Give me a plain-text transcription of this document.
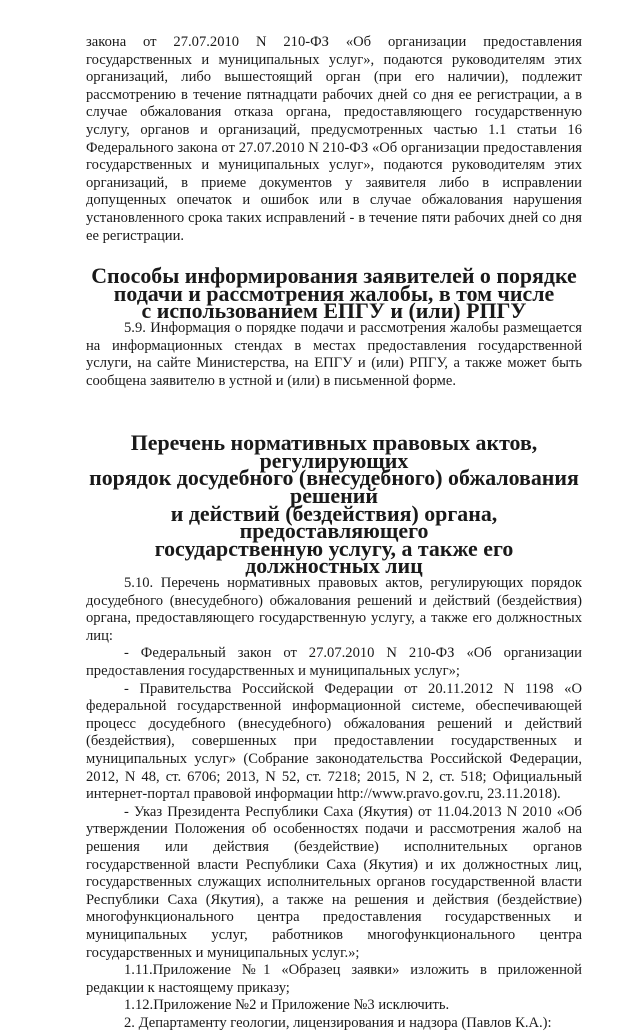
закона от 27.07.2010 N 210-ФЗ «Об организации предоставления государственных и муниципальных услуг», подаются руководителям этих организаций, либо вышестоящий орган (при его наличии), подлежит рассмотрению в течение пятнадцати рабочих дней со дня ее регистрации, а в случае обжалования отказа органа, предоставляющего государственную услугу, органов и организаций, предусмотренных частью 1.1 статьи 16 Федерального закона от 27.07.2010 N 210-ФЗ «Об организации предоставления государственных и муниципальных услуг», подаются руководителям этих организаций, в приеме документов у заявителя либо в исправлении допущенных опечаток и ошибок или в случае обжалования нарушения установленного срока таких исправлений - в течение пяти рабочих дней со дня ее регистрации.

Способы информирования заявителей о порядке
подачи и рассмотрения жалобы, в том числе
с использованием ЕПГУ и (или) РПГУ

5.9. Информация о порядке подачи и рассмотрения жалобы размещается на информационных стендах в местах предоставления государственной услуги, на сайте Министерства, на ЕПГУ и (или) РПГУ, а также может быть сообщена заявителю в устной и (или) в письменной форме.

Перечень нормативных правовых актов, регулирующих
порядок досудебного (внесудебного) обжалования решений
и действий (бездействия) органа, предоставляющего
государственную услугу, а также его должностных лиц

5.10. Перечень нормативных правовых актов, регулирующих порядок досудебного (внесудебного) обжалования решений и действий (бездействия) органа, предоставляющего государственную услугу, а также его должностных лиц:

- Федеральный закон от 27.07.2010 N 210-ФЗ «Об организации предоставления государственных и муниципальных услуг»;

- Правительства Российской Федерации от 20.11.2012 N 1198 «О федеральной государственной информационной системе, обеспечивающей процесс досудебного (внесудебного) обжалования решений и действий (бездействия), совершенных при предоставлении государственных и муниципальных услуг» (Собрание законодательства Российской Федерации, 2012, N 48, ст. 6706; 2013, N 52, ст. 7218; 2015, N 2, ст. 518; Официальный интернет-портал правовой информации http://www.pravo.gov.ru, 23.11.2018).

- Указ Президента Республики Саха (Якутия) от 11.04.2013 N 2010 «Об утверждении Положения об особенностях подачи и рассмотрения жалоб на решения или действия (бездействие) исполнительных органов государственной власти Республики Саха (Якутия) и их должностных лиц, государственных служащих исполнительных органов государственной власти Республики Саха (Якутия), а также на решения и действия (бездействие) многофункционального центра предоставления государственных и муниципальных услуг, работников многофункционального центра государственных и муниципальных услуг.»;

1.11.Приложение №1 «Образец заявки» изложить в приложенной редакции к настоящему приказу;

1.12.Приложение №2 и Приложение №3 исключить.

2. Департаменту геологии, лицензирования и надзора (Павлов К.А.):
